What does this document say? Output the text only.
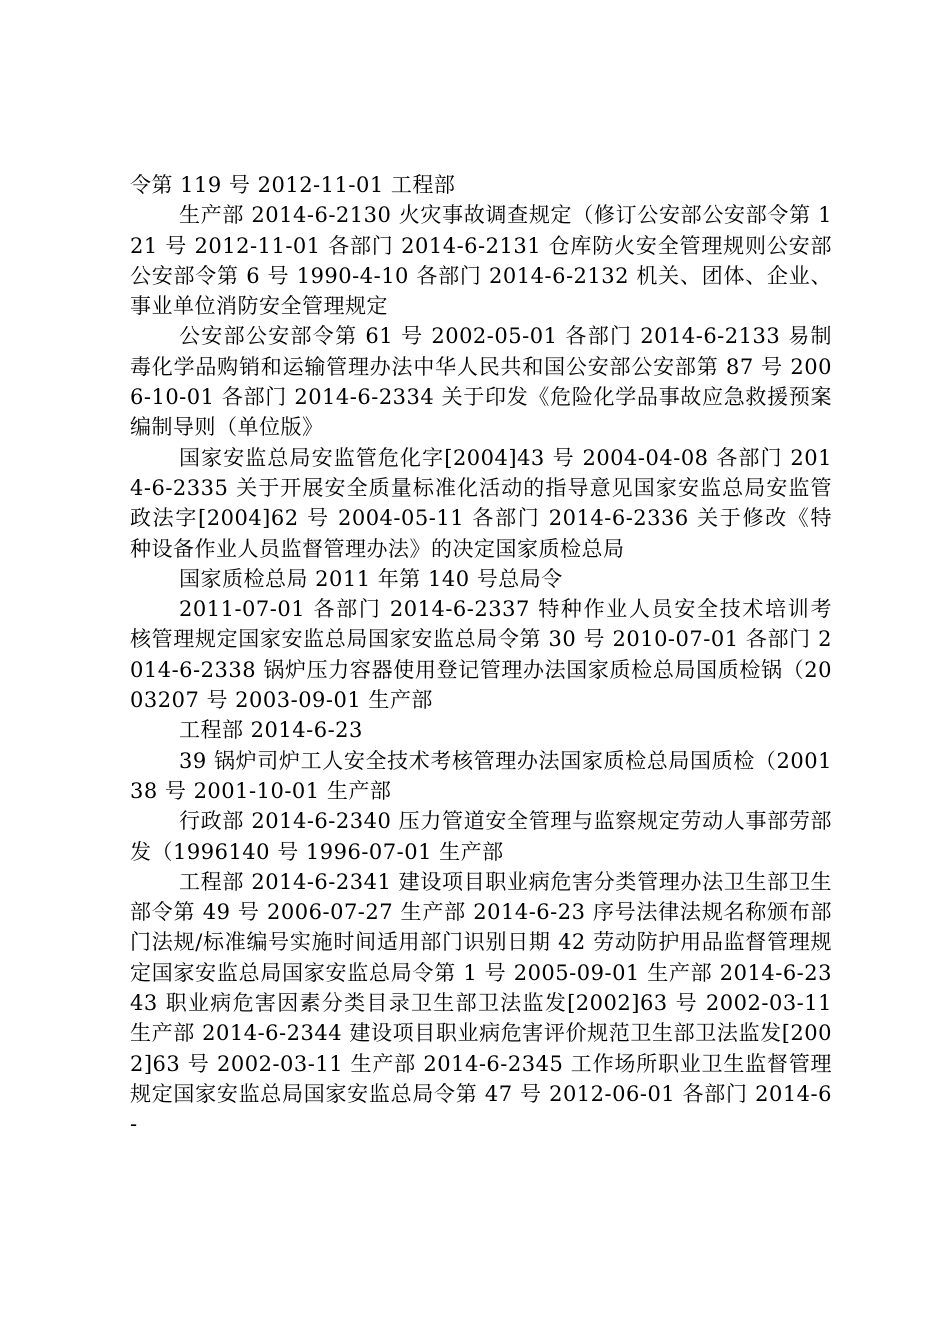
令第 119 号 2012-11-01 工程部

生产部 2014-6-2130 火灾事故调查规定（修订公安部公安部令第 121 号 2012-11-01 各部门 2014-6-2131 仓库防火安全管理规则公安部公安部令第 6 号 1990-4-10 各部门 2014-6-2132 机关、团体、企业、事业单位消防安全管理规定

公安部公安部令第 61 号 2002-05-01 各部门 2014-6-2133 易制毒化学品购销和运输管理办法中华人民共和国公安部公安部第 87 号 2006-10-01 各部门 2014-6-2334 关于印发《危险化学品事故应急救援预案编制导则（单位版》

国家安监总局安监管危化字[2004]43 号 2004-04-08 各部门 2014-6-2335 关于开展安全质量标准化活动的指导意见国家安监总局安监管政法字[2004]62 号 2004-05-11 各部门 2014-6-2336 关于修改《特种设备作业人员监督管理办法》的决定国家质检总局

国家质检总局 2011 年第 140 号总局令

2011-07-01 各部门 2014-6-2337 特种作业人员安全技术培训考核管理规定国家安监总局国家安监总局令第 30 号 2010-07-01 各部门 2014-6-2338 锅炉压力容器使用登记管理办法国家质检总局国质检锅（2003207 号 2003-09-01 生产部

工程部 2014-6-23

39 锅炉司炉工人安全技术考核管理办法国家质检总局国质检（200138 号 2001-10-01 生产部

行政部 2014-6-2340 压力管道安全管理与监察规定劳动人事部劳部发（1996140 号 1996-07-01 生产部

工程部 2014-6-2341 建设项目职业病危害分类管理办法卫生部卫生部令第 49 号 2006-07-27 生产部 2014-6-23 序号法律法规名称颁布部门法规/标准编号实施时间适用部门识别日期 42 劳动防护用品监督管理规定国家安监总局国家安监总局令第 1 号 2005-09-01 生产部 2014-6-2343 职业病危害因素分类目录卫生部卫法监发[2002]63 号 2002-03-11 生产部 2014-6-2344 建设项目职业病危害评价规范卫生部卫法监发[2002]63 号 2002-03-11 生产部 2014-6-2345 工作场所职业卫生监督管理规定国家安监总局国家安监总局令第 47 号 2012-06-01 各部门 2014-6-
